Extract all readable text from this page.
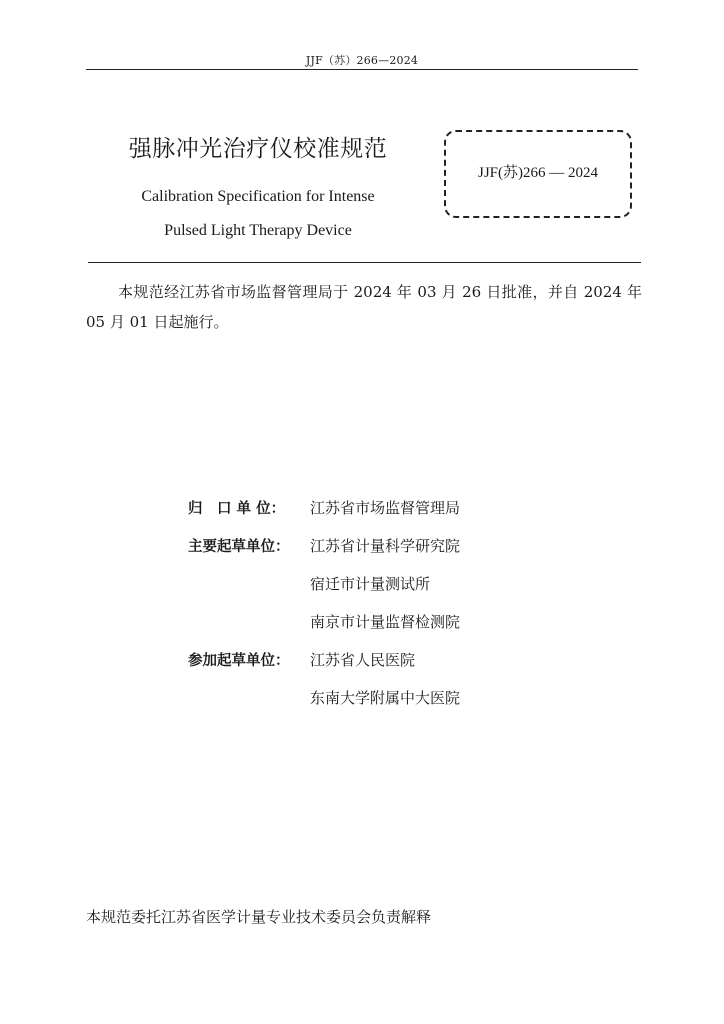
JJF（苏）266—2024
强脉冲光治疗仪校准规范
Calibration Specification for Intense
Pulsed Light Therapy Device
JJF(苏)266 — 2024
本规范经江苏省市场监督管理局于 2024 年 03 月 26 日批准，并自 2024 年 05 月 01 日起施行。
归　口 单 位：	江苏省市场监督管理局
主要起草单位：	江苏省计量科学研究院
宿迁市计量测试所
南京市计量监督检测院
参加起草单位：	江苏省人民医院
东南大学附属中大医院
本规范委托江苏省医学计量专业技术委员会负责解释
